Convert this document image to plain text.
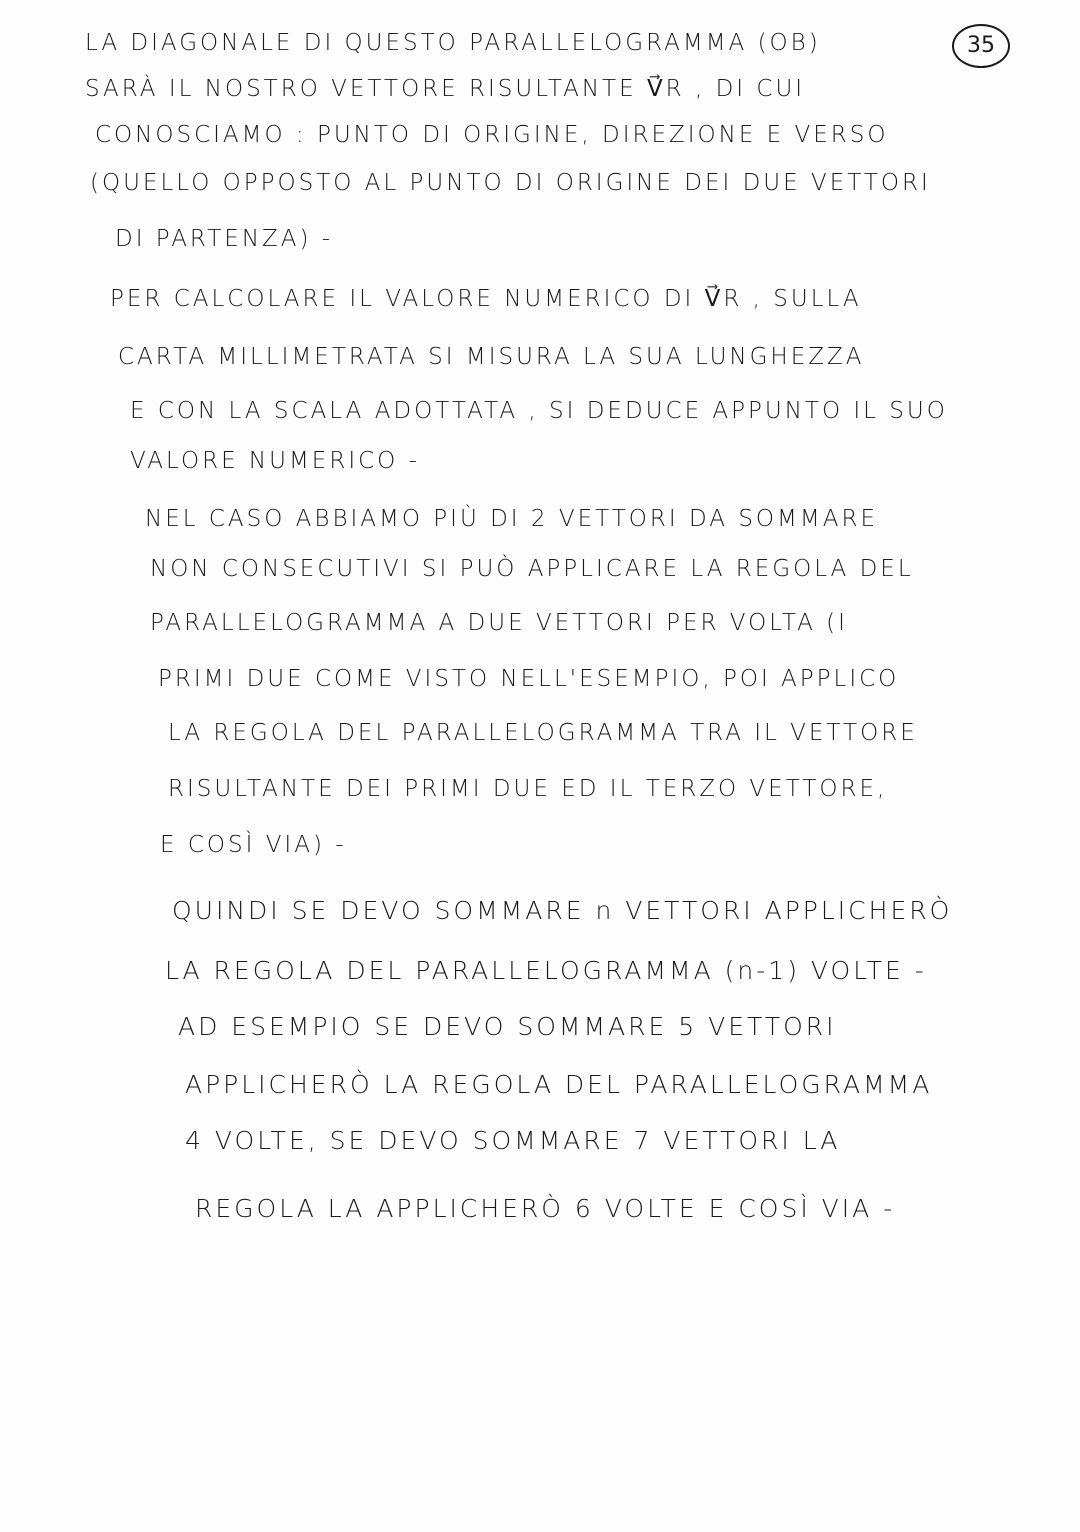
35
LA DIAGONALE DI QUESTO PARALLELOGRAMMA (OB)
SARÀ IL NOSTRO VETTORE RISULTANTE V⃗R , DI CUI
CONOSCIAMO : PUNTO DI ORIGINE, DIREZIONE E VERSO
(QUELLO OPPOSTO AL PUNTO DI ORIGINE DEI DUE VETTORI
DI PARTENZA) -
PER CALCOLARE IL VALORE NUMERICO DI V⃗R , SULLA
CARTA MILLIMETRATA SI MISURA LA SUA LUNGHEZZA
E CON LA SCALA ADOTTATA , SI DEDUCE APPUNTO IL SUO
VALORE NUMERICO -
NEL CASO ABBIAMO PIÙ DI 2 VETTORI DA SOMMARE
NON CONSECUTIVI SI PUÒ APPLICARE LA REGOLA DEL
PARALLELOGRAMMA A DUE VETTORI PER VOLTA (I
PRIMI DUE COME VISTO NELL'ESEMPIO, POI APPLICO
LA REGOLA DEL PARALLELOGRAMMA TRA IL VETTORE
RISULTANTE DEI PRIMI DUE ED IL TERZO VETTORE,
E COSÌ VIA) -
QUINDI SE DEVO SOMMARE n VETTORI APPLICHERÒ
LA REGOLA DEL PARALLELOGRAMMA (n-1) VOLTE -
AD ESEMPIO SE DEVO SOMMARE 5 VETTORI
APPLICHERÒ LA REGOLA DEL PARALLELOGRAMMA
4 VOLTE, SE DEVO SOMMARE 7 VETTORI LA
REGOLA LA APPLICHERÒ 6 VOLTE E COSÌ VIA -
